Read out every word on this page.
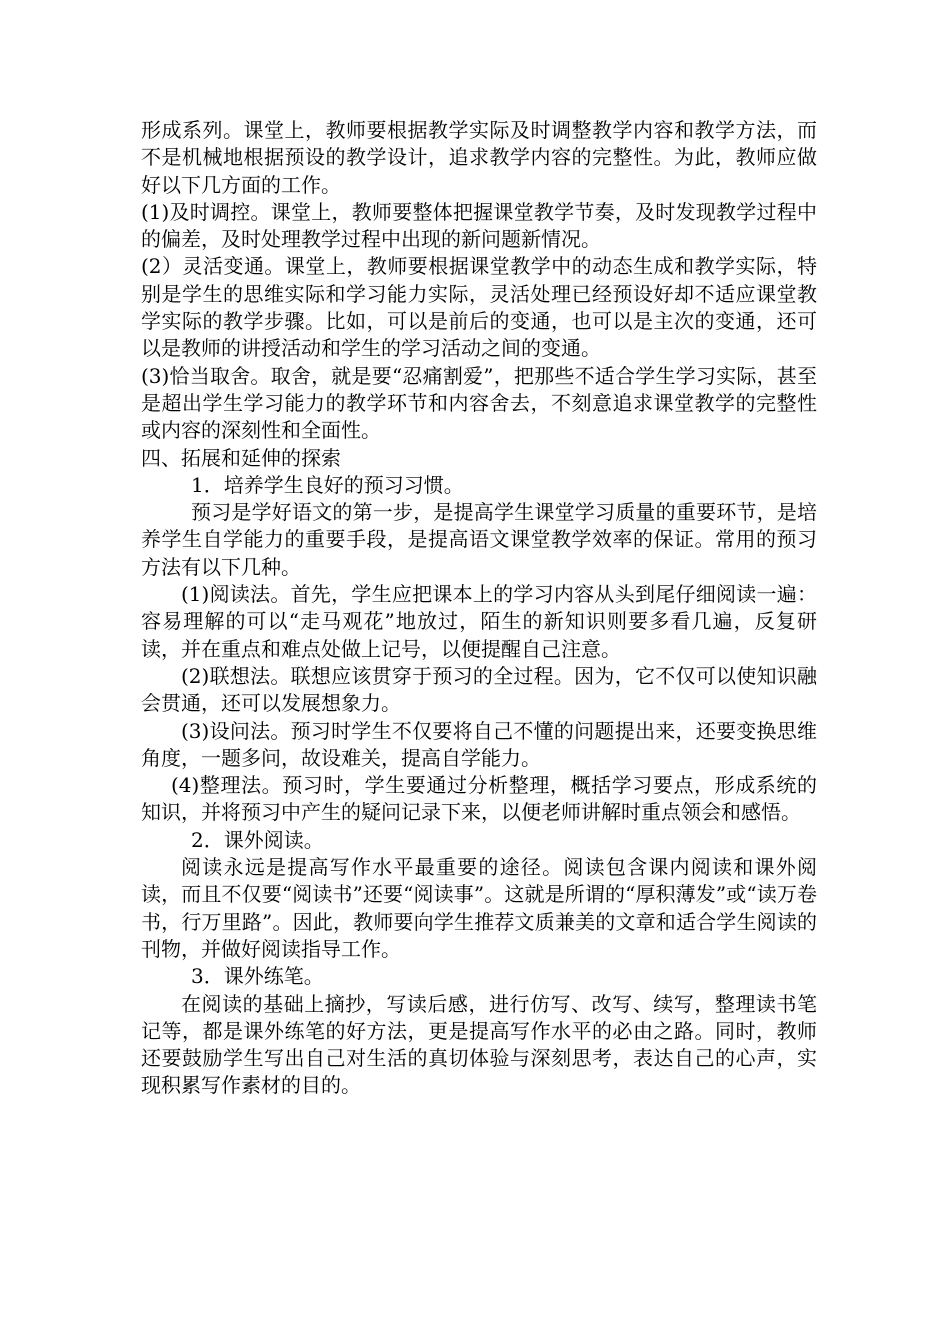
形成系列。课堂上，教师要根据教学实际及时调整教学内容和教学方法，而不是机械地根据预设的教学设计，追求教学内容的完整性。为此，教师应做好以下几方面的工作。

(1)及时调控。课堂上，教师要整体把握课堂教学节奏，及时发现教学过程中的偏差，及时处理教学过程中出现的新问题新情况。

(2）灵活变通。课堂上，教师要根据课堂教学中的动态生成和教学实际，特别是学生的思维实际和学习能力实际，灵活处理已经预设好却不适应课堂教学实际的教学步骤。比如，可以是前后的变通，也可以是主次的变通，还可以是教师的讲授活动和学生的学习活动之间的变通。

(3)恰当取舍。取舍，就是要“忍痛割爱”，把那些不适合学生学习实际，甚至是超出学生学习能力的教学环节和内容舍去，不刻意追求课堂教学的完整性或内容的深刻性和全面性。

四、拓展和延伸的探索

1．培养学生良好的预习习惯。

预习是学好语文的第一步，是提高学生课堂学习质量的重要环节，是培养学生自学能力的重要手段，是提高语文课堂教学效率的保证。常用的预习方法有以下几种。

(1)阅读法。首先，学生应把课本上的学习内容从头到尾仔细阅读一遍：容易理解的可以“走马观花”地放过，陌生的新知识则要多看几遍，反复研读，并在重点和难点处做上记号，以便提醒自己注意。

(2)联想法。联想应该贯穿于预习的全过程。因为，它不仅可以使知识融会贯通，还可以发展想象力。

(3)设问法。预习时学生不仅要将自己不懂的问题提出来，还要变换思维角度，一题多问，故设难关，提高自学能力。

(4)整理法。预习时，学生要通过分析整理，概括学习要点，形成系统的知识，并将预习中产生的疑问记录下来，以便老师讲解时重点领会和感悟。

2．课外阅读。

阅读永远是提高写作水平最重要的途径。阅读包含课内阅读和课外阅读，而且不仅要“阅读书”还要“阅读事”。这就是所谓的“厚积薄发”或“读万卷书，行万里路”。因此，教师要向学生推荐文质兼美的文章和适合学生阅读的刊物，并做好阅读指导工作。

3．课外练笔。

在阅读的基础上摘抄，写读后感，进行仿写、改写、续写，整理读书笔记等，都是课外练笔的好方法，更是提高写作水平的必由之路。同时，教师还要鼓励学生写出自己对生活的真切体验与深刻思考，表达自己的心声，实现积累写作素材的目的。
